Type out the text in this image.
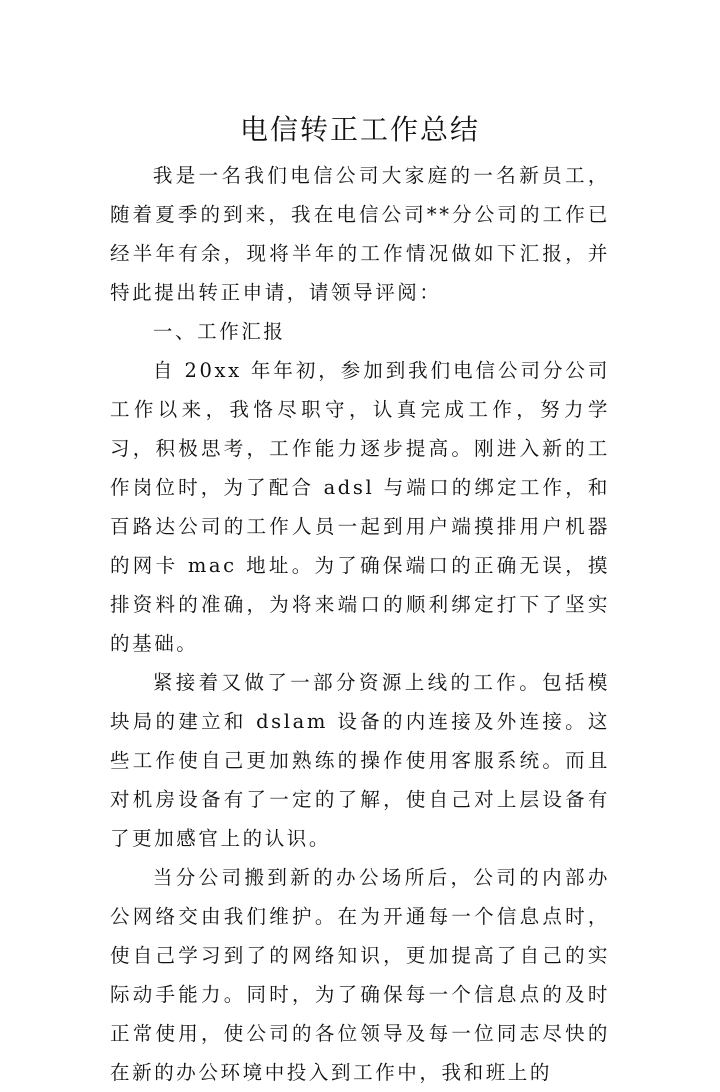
电信转正工作总结

我是一名我们电信公司大家庭的一名新员工，随着夏季的到来，我在电信公司**分公司的工作已经半年有余，现将半年的工作情况做如下汇报，并特此提出转正申请，请领导评阅：

一、工作汇报

自 20xx 年年初，参加到我们电信公司分公司工作以来，我恪尽职守，认真完成工作，努力学习，积极思考，工作能力逐步提高。刚进入新的工作岗位时，为了配合 adsl 与端口的绑定工作，和百路达公司的工作人员一起到用户端摸排用户机器的网卡 mac 地址。为了确保端口的正确无误，摸排资料的准确，为将来端口的顺利绑定打下了坚实的基础。

紧接着又做了一部分资源上线的工作。包括模块局的建立和 dslam 设备的内连接及外连接。这些工作使自己更加熟练的操作使用客服系统。而且对机房设备有了一定的了解，使自己对上层设备有了更加感官上的认识。

当分公司搬到新的办公场所后，公司的内部办公网络交由我们维护。在为开通每一个信息点时，使自己学习到了的网络知识，更加提高了自己的实际动手能力。同时，为了确保每一个信息点的及时正常使用，使公司的各位领导及每一位同志尽快的在新的办公环境中投入到工作中，我和班上的
